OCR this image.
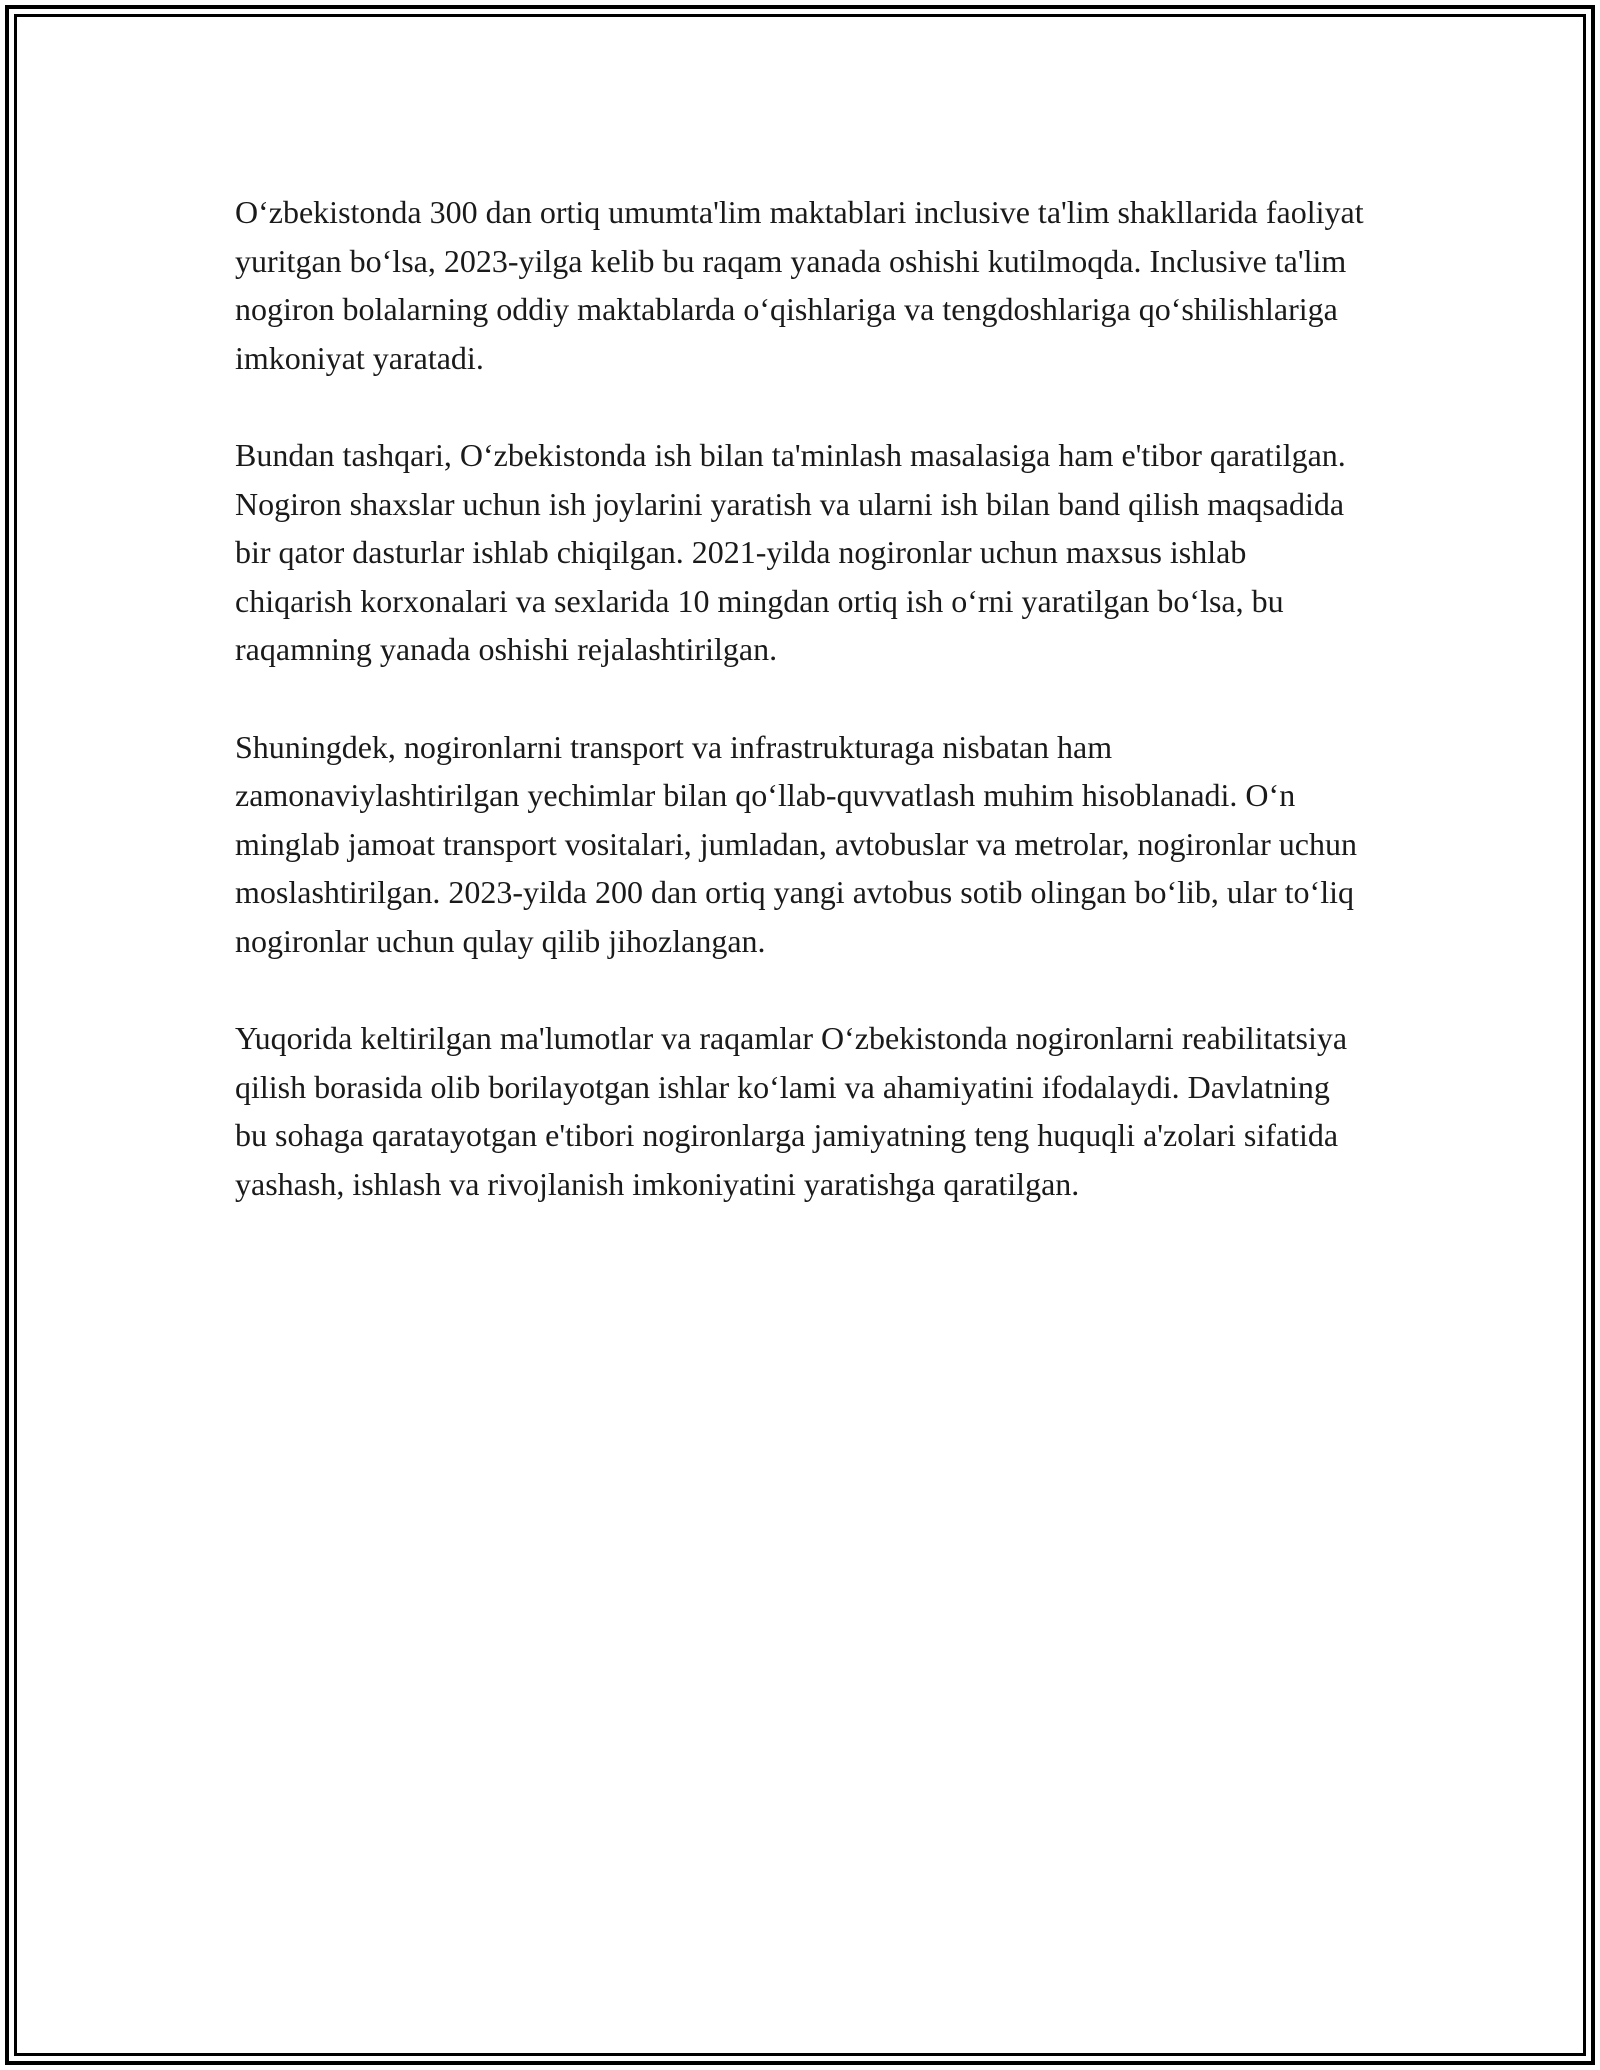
O‘zbekistonda 300 dan ortiq umumta'lim maktablari inclusive ta'lim shakllarida faoliyat yuritgan bo‘lsa, 2023-yilga kelib bu raqam yanada oshishi kutilmoqda. Inclusive ta'lim nogiron bolalarning oddiy maktablarda o‘qishlariga va tengdoshlariga qo‘shilishlariga imkoniyat yaratadi.

Bundan tashqari, O‘zbekistonda ish bilan ta'minlash masalasiga ham e'tibor qaratilgan. Nogiron shaxslar uchun ish joylarini yaratish va ularni ish bilan band qilish maqsadida bir qator dasturlar ishlab chiqilgan. 2021-yilda nogironlar uchun maxsus ishlab chiqarish korxonalari va sexlarida 10 mingdan ortiq ish o‘rni yaratilgan bo‘lsa, bu raqamning yanada oshishi rejalashtirilgan.

Shuningdek, nogironlarni transport va infrastrukturaga nisbatan ham zamonaviylashtirilgan yechimlar bilan qo‘llab-quvvatlash muhim hisoblanadi. O‘n minglab jamoat transport vositalari, jumladan, avtobuslar va metrolar, nogironlar uchun moslashtirilgan. 2023-yilda 200 dan ortiq yangi avtobus sotib olingan bo‘lib, ular to‘liq nogironlar uchun qulay qilib jihozlangan.

Yuqorida keltirilgan ma'lumotlar va raqamlar O‘zbekistonda nogironlarni reabilitatsiya qilish borasida olib borilayotgan ishlar ko‘lami va ahamiyatini ifodalaydi. Davlatning bu sohaga qaratayotgan e'tibori nogironlarga jamiyatning teng huquqli a'zolari sifatida yashash, ishlash va rivojlanish imkoniyatini yaratishga qaratilgan.
